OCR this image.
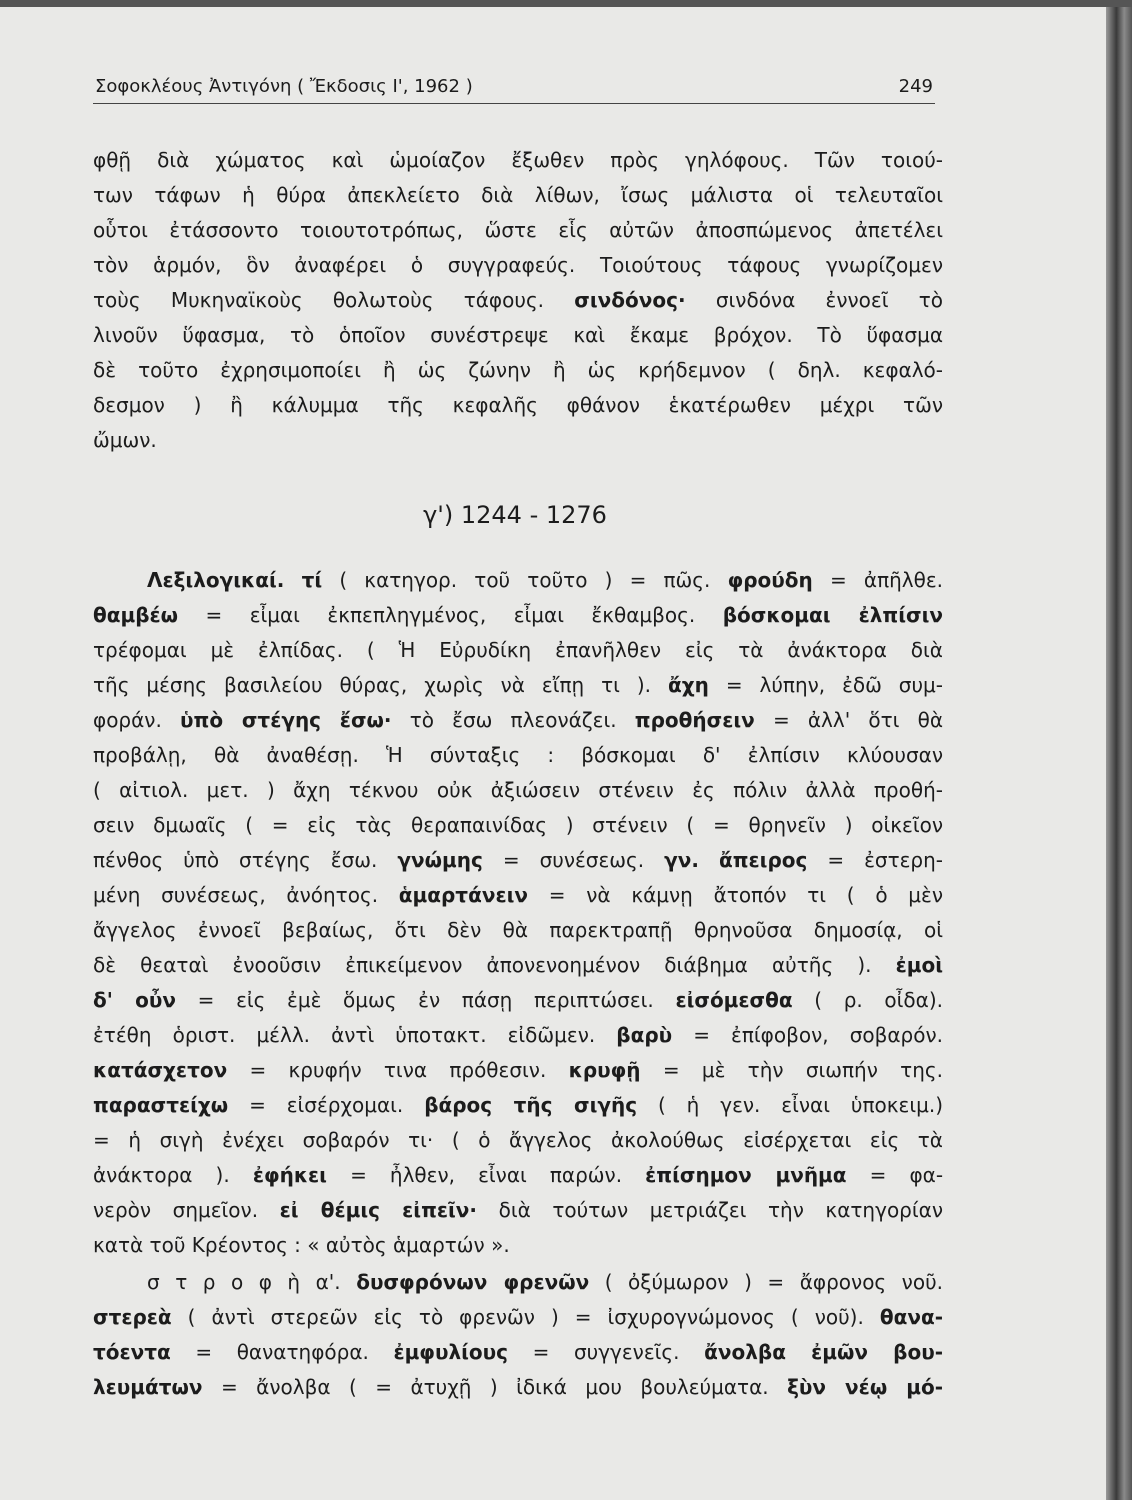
Σοφοκλέους Ἀντιγόνη ( Ἔκδοσις Ι', 1962 )	249
φθῇ διὰ χώματος καὶ ὡμοίαζον ἔξωθεν πρὸς γηλόφους. Τῶν τοιού-
των τάφων ἡ θύρα ἀπεκλείετο διὰ λίθων, ἴσως μάλιστα οἱ τελευταῖοι
οὗτοι ἐτάσσοντο τοιουτοτρόπως, ὥστε εἷς αὐτῶν ἀποσπώμενος ἀπετέλει
τὸν ἁρμόν, ὃν ἀναφέρει ὁ συγγραφεύς. Τοιούτους τάφους γνωρίζομεν
τοὺς Μυκηναϊκοὺς θολωτοὺς τάφους. σινδόνος· σινδόνα ἐννοεῖ τὸ
λινοῦν ὕφασμα, τὸ ὁποῖον συνέστρεψε καὶ ἔκαμε βρόχον. Τὸ ὕφασμα
δὲ τοῦτο ἐχρησιμοποίει ἢ ὡς ζώνην ἢ ὡς κρήδεμνον ( δηλ. κεφαλό-
δεσμον ) ἢ κάλυμμα τῆς κεφαλῆς φθάνον ἑκατέρωθεν μέχρι τῶν
ὤμων.
γ') 1244 - 1276
Λεξιλογικαί. τί ( κατηγορ. τοῦ τοῦτο ) = πῶς. φρούδη = ἀπῆλθε.
θαμβέω = εἶμαι ἐκπεπληγμένος, εἶμαι ἔκθαμβος. βόσκομαι ἐλπίσιν
τρέφομαι μὲ ἐλπίδας. ( Ἡ Εὐρυδίκη ἐπανῆλθεν εἰς τὰ ἀνάκτορα διὰ
τῆς μέσης βασιλείου θύρας, χωρὶς νὰ εἴπῃ τι ). ἄχη = λύπην, ἐδῶ συμ-
φοράν. ὑπὸ στέγης ἔσω· τὸ ἔσω πλεονάζει. προθήσειν = ἀλλ' ὅτι θὰ
προβάλῃ, θὰ ἀναθέσῃ. Ἡ σύνταξις : βόσκομαι δ' ἐλπίσιν κλύουσαν
( αἰτιολ. μετ. ) ἄχη τέκνου οὐκ ἀξιώσειν στένειν ἐς πόλιν ἀλλὰ προθή-
σειν δμωαῖς ( = εἰς τὰς θεραπαινίδας ) στένειν ( = θρηνεῖν ) οἰκεῖον
πένθος ὑπὸ στέγης ἔσω. γνώμης = συνέσεως. γν. ἄπειρος = ἐστερη-
μένη συνέσεως, ἀνόητος. ἁμαρτάνειν = νὰ κάμνῃ ἄτοπόν τι ( ὁ μὲν
ἄγγελος ἐννοεῖ βεβαίως, ὅτι δὲν θὰ παρεκτραπῇ θρηνοῦσα δημοσίᾳ, οἱ
δὲ θεαταὶ ἐνοοῦσιν ἐπικείμενον ἀπονενοημένον διάβημα αὐτῆς ). ἐμοὶ
δ' οὖν = εἰς ἐμὲ ὅμως ἐν πάσῃ περιπτώσει. εἰσόμεσθα ( ρ. οἶδα).
ἐτέθη ὁριστ. μέλλ. ἀντὶ ὑποτακτ. εἰδῶμεν. βαρὺ = ἐπίφοβον, σοβαρόν.
κατάσχετον = κρυφήν τινα πρόθεσιν. κρυφῇ = μὲ τὴν σιωπήν της.
παραστείχω = εἰσέρχομαι. βάρος τῆς σιγῆς ( ἡ γεν. εἶναι ὑποκειμ.)
= ἡ σιγὴ ἐνέχει σοβαρόν τι· ( ὁ ἄγγελος ἀκολούθως εἰσέρχεται εἰς τὰ
ἀνάκτορα ). ἐφήκει = ἦλθεν, εἶναι παρών. ἐπίσημον μνῆμα = φα-
νερὸν σημεῖον. εἰ θέμις εἰπεῖν· διὰ τούτων μετριάζει τὴν κατηγορίαν
κατὰ τοῦ Κρέοντος : « αὐτὸς ἁμαρτών ».
σ τ ρ ο φ ὴ α'. δυσφρόνων φρενῶν ( ὀξύμωρον ) = ἄφρονος νοῦ.
στερεὰ ( ἀντὶ στερεῶν εἰς τὸ φρενῶν ) = ἰσχυρογνώμονος ( νοῦ). θανα-
τόεντα = θανατηφόρα. ἐμφυλίους = συγγενεῖς. ἄνολβα ἐμῶν βου-
λευμάτων = ἄνολβα ( = ἀτυχῇ ) ἰδικά μου βουλεύματα. ξὺν νέῳ μό-
